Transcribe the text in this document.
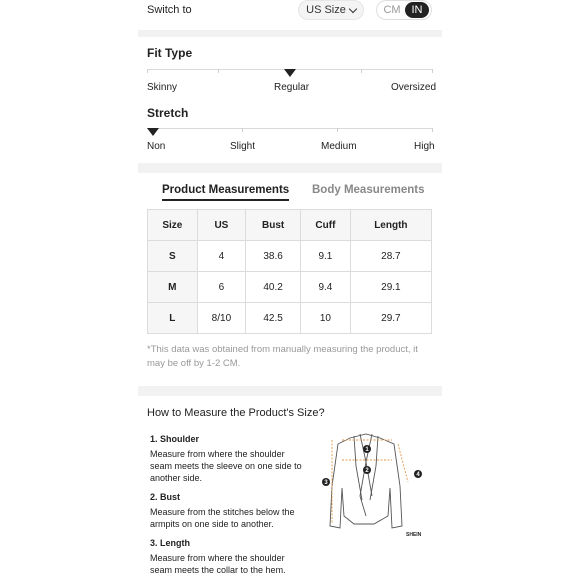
Switch to	US Size	CM IN
Fit Type
Skinny	Regular	Oversized
Stretch
Non	Slight	Medium	High
Product Measurements Body Measurements
Size	US	Bust	Cuff	Length
S	4	38.6	9.1	28.7
M	6	40.2	9.4	29.1
L	8/10	42.5	10	29.7

*This data was obtained from manually measuring the product, it may be off by 1-2 CM.

How to Measure the Product's Size?
1. Shoulder
Measure from where the shoulder seam meets the sleeve on one side to another side.
2. Bust
Measure from the stitches below the armpits on one side to another.
3. Length
Measure from where the shoulder seam meets the collar to the hem.
1
2
3
4
SHEIN
